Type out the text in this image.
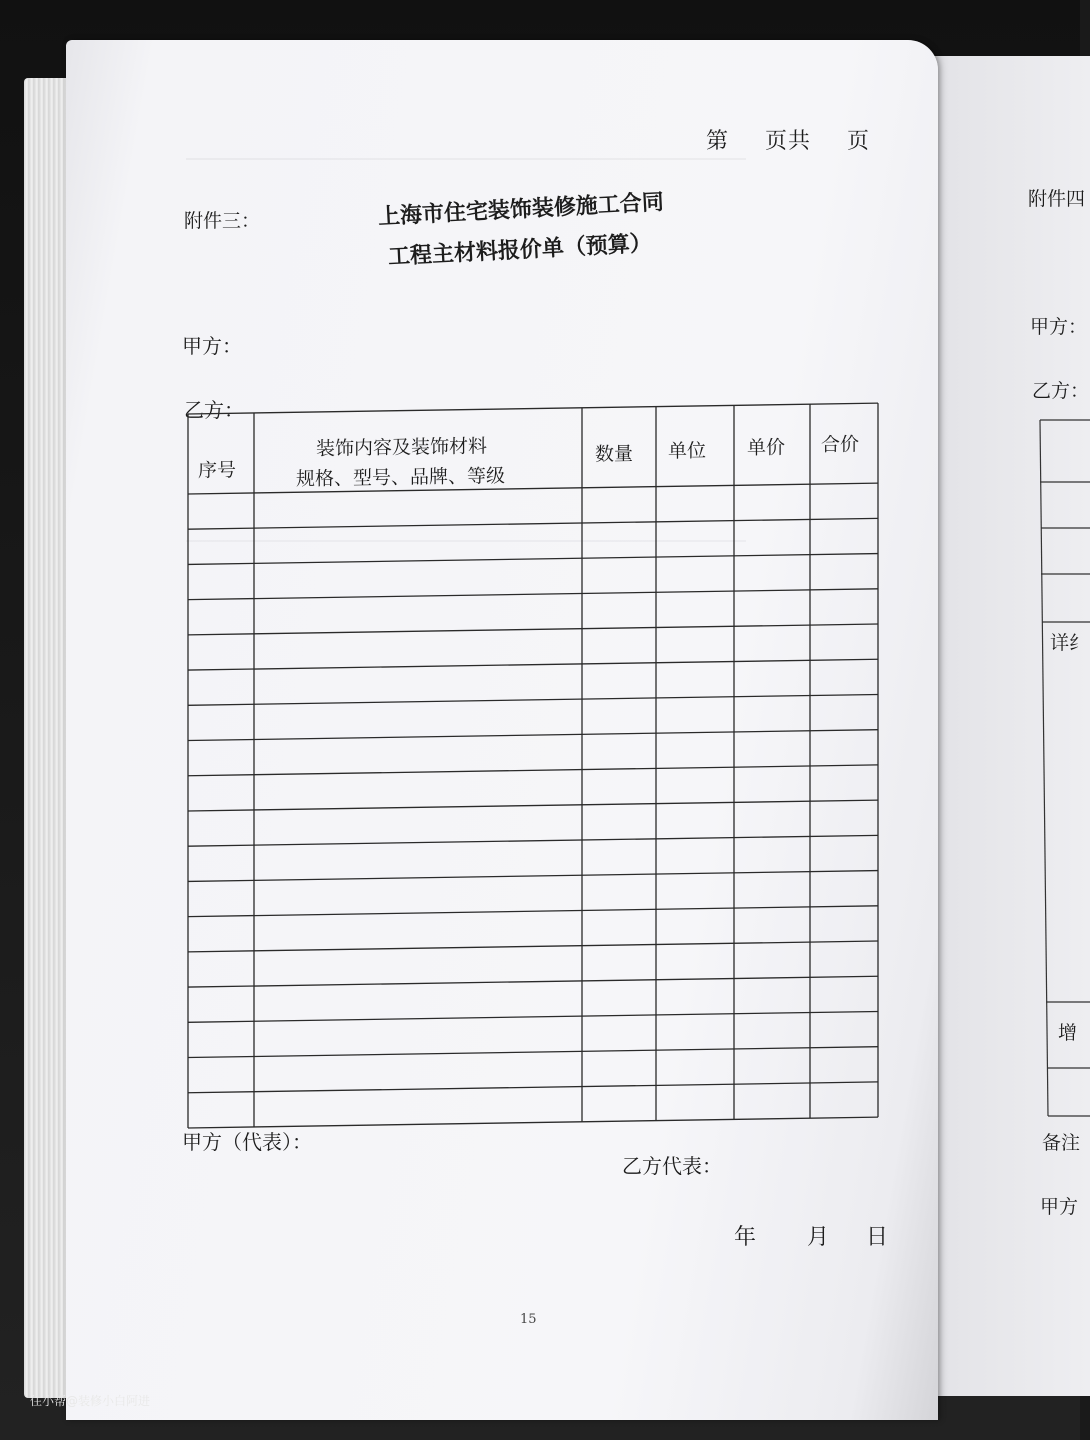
附件四
甲方：
乙方：
详纟
增
备注
甲方
第 页共 页
附件三：	上海市住宅装饰装修施工合同
工程主材料报价单（预算）
甲方：
乙方：
序号
装饰内容及装饰材料
规格、型号、品牌、等级
数量 单位 单价 合价
甲方（代表）：
乙方代表：
年 月 日
15
住小帮@装修小白阿进
